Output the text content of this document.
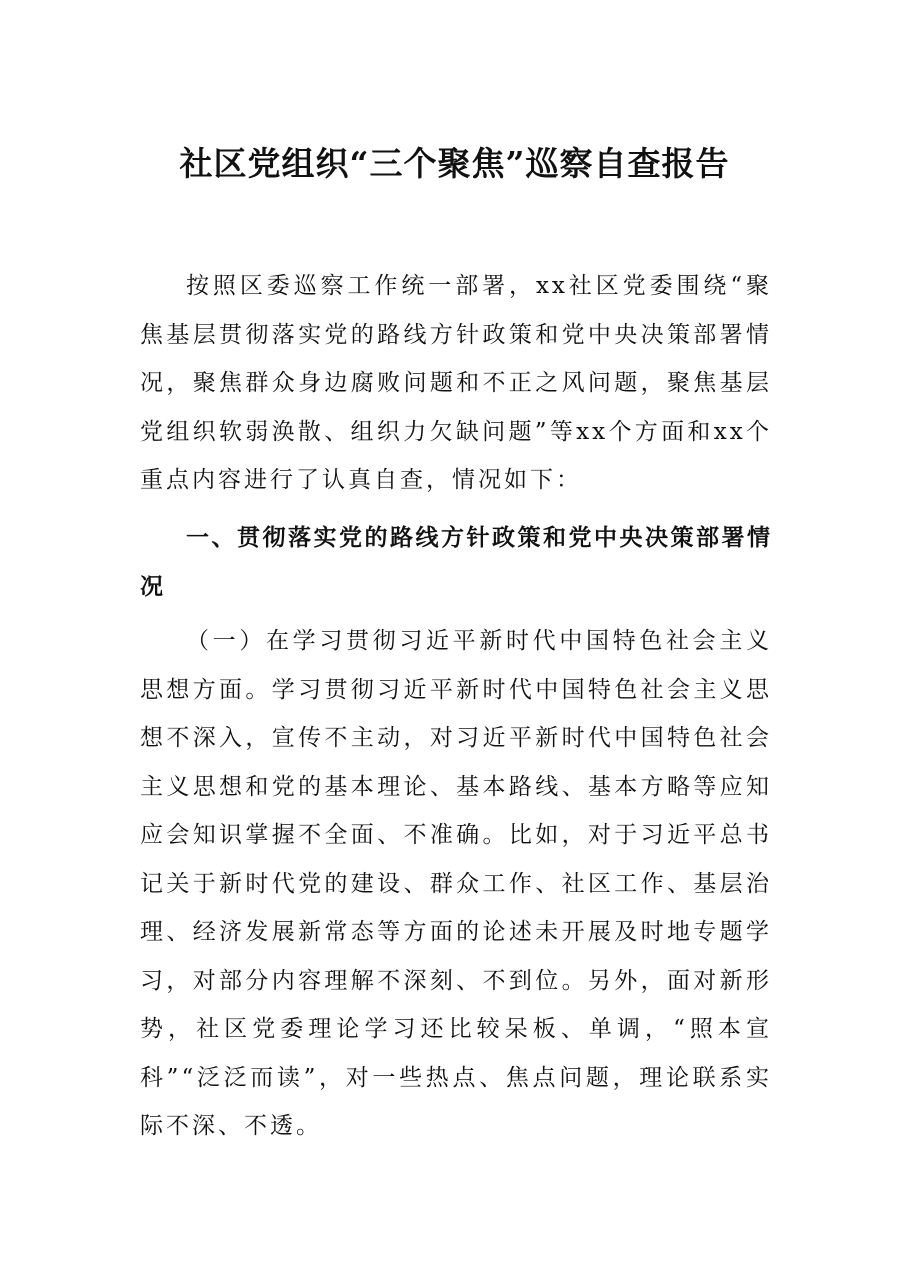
社区党组织“三个聚焦”巡察自查报告

按照区委巡察工作统一部署，xx社区党委围绕“聚焦基层贯彻落实党的路线方针政策和党中央决策部署情况，聚焦群众身边腐败问题和不正之风问题，聚焦基层党组织软弱涣散、组织力欠缺问题”等xx个方面和xx个重点内容进行了认真自查，情况如下：

一、贯彻落实党的路线方针政策和党中央决策部署情况

（一）在学习贯彻习近平新时代中国特色社会主义思想方面。学习贯彻习近平新时代中国特色社会主义思想不深入，宣传不主动，对习近平新时代中国特色社会主义思想和党的基本理论、基本路线、基本方略等应知应会知识掌握不全面、不准确。比如，对于习近平总书记关于新时代党的建设、群众工作、社区工作、基层治理、经济发展新常态等方面的论述未开展及时地专题学习，对部分内容理解不深刻、不到位。另外，面对新形势，社区党委理论学习还比较呆板、单调，“照本宣科”“泛泛而读”，对一些热点、焦点问题，理论联系实际不深、不透。
